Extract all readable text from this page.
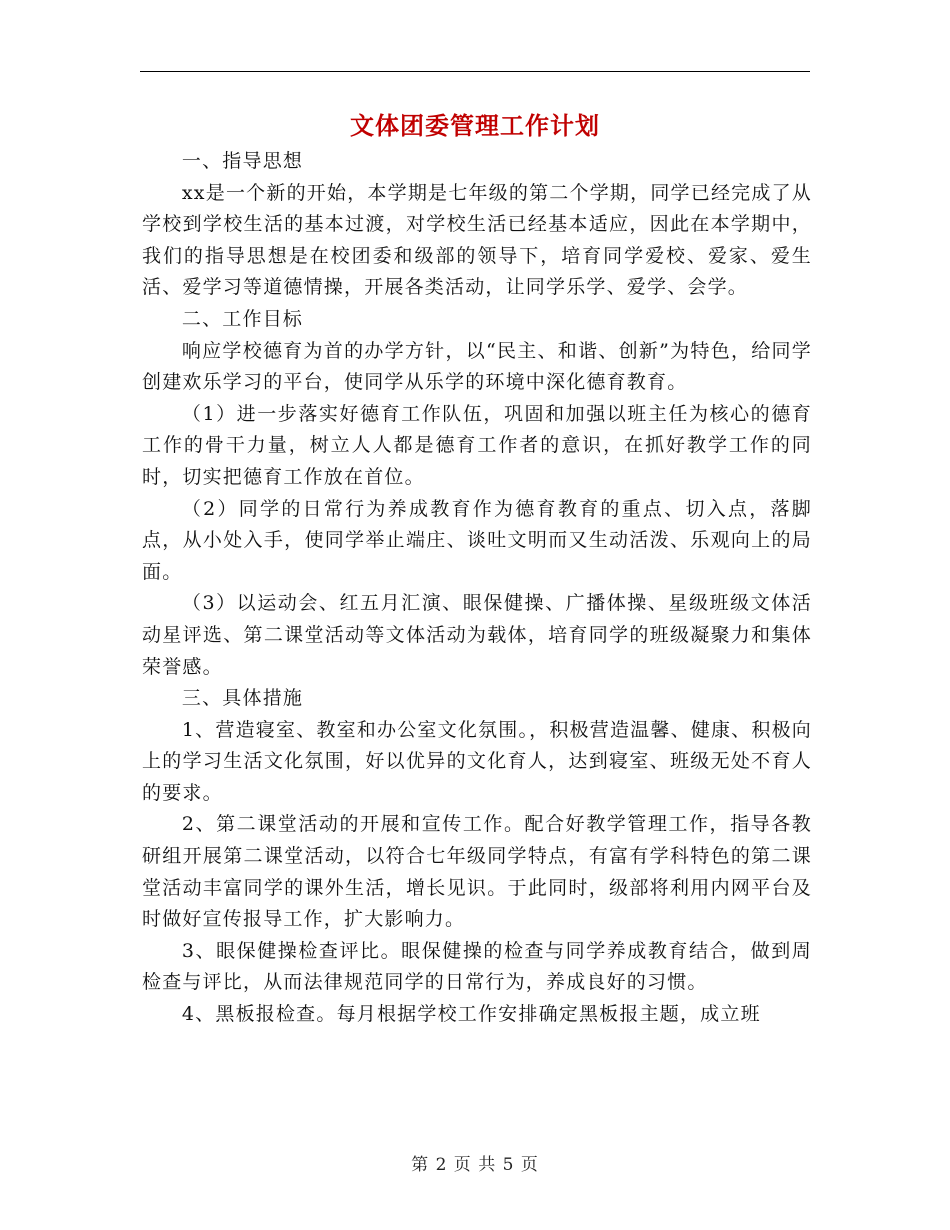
文体团委管理工作计划

一、指导思想

xx是一个新的开始，本学期是七年级的第二个学期，同学已经完成了从学校到学校生活的基本过渡，对学校生活已经基本适应，因此在本学期中，我们的指导思想是在校团委和级部的领导下，培育同学爱校、爱家、爱生活、爱学习等道德情操，开展各类活动，让同学乐学、爱学、会学。

二、工作目标

响应学校德育为首的办学方针，以“民主、和谐、创新”为特色，给同学创建欢乐学习的平台，使同学从乐学的环境中深化德育教育。

（1）进一步落实好德育工作队伍，巩固和加强以班主任为核心的德育工作的骨干力量，树立人人都是德育工作者的意识，在抓好教学工作的同时，切实把德育工作放在首位。

（2）同学的日常行为养成教育作为德育教育的重点、切入点，落脚点，从小处入手，使同学举止端庄、谈吐文明而又生动活泼、乐观向上的局面。

（3）以运动会、红五月汇演、眼保健操、广播体操、星级班级文体活动星评选、第二课堂活动等文体活动为载体，培育同学的班级凝聚力和集体荣誉感。

三、具体措施

1、营造寝室、教室和办公室文化氛围。，积极营造温馨、健康、积极向上的学习生活文化氛围，好以优异的文化育人，达到寝室、班级无处不育人的要求。

2、第二课堂活动的开展和宣传工作。配合好教学管理工作，指导各教研组开展第二课堂活动，以符合七年级同学特点，有富有学科特色的第二课堂活动丰富同学的课外生活，增长见识。于此同时，级部将利用内网平台及时做好宣传报导工作，扩大影响力。

3、眼保健操检查评比。眼保健操的检查与同学养成教育结合，做到周检查与评比，从而法律规范同学的日常行为，养成良好的习惯。

4、黑板报检查。每月根据学校工作安排确定黑板报主题，成立班

第 2 页 共 5 页
